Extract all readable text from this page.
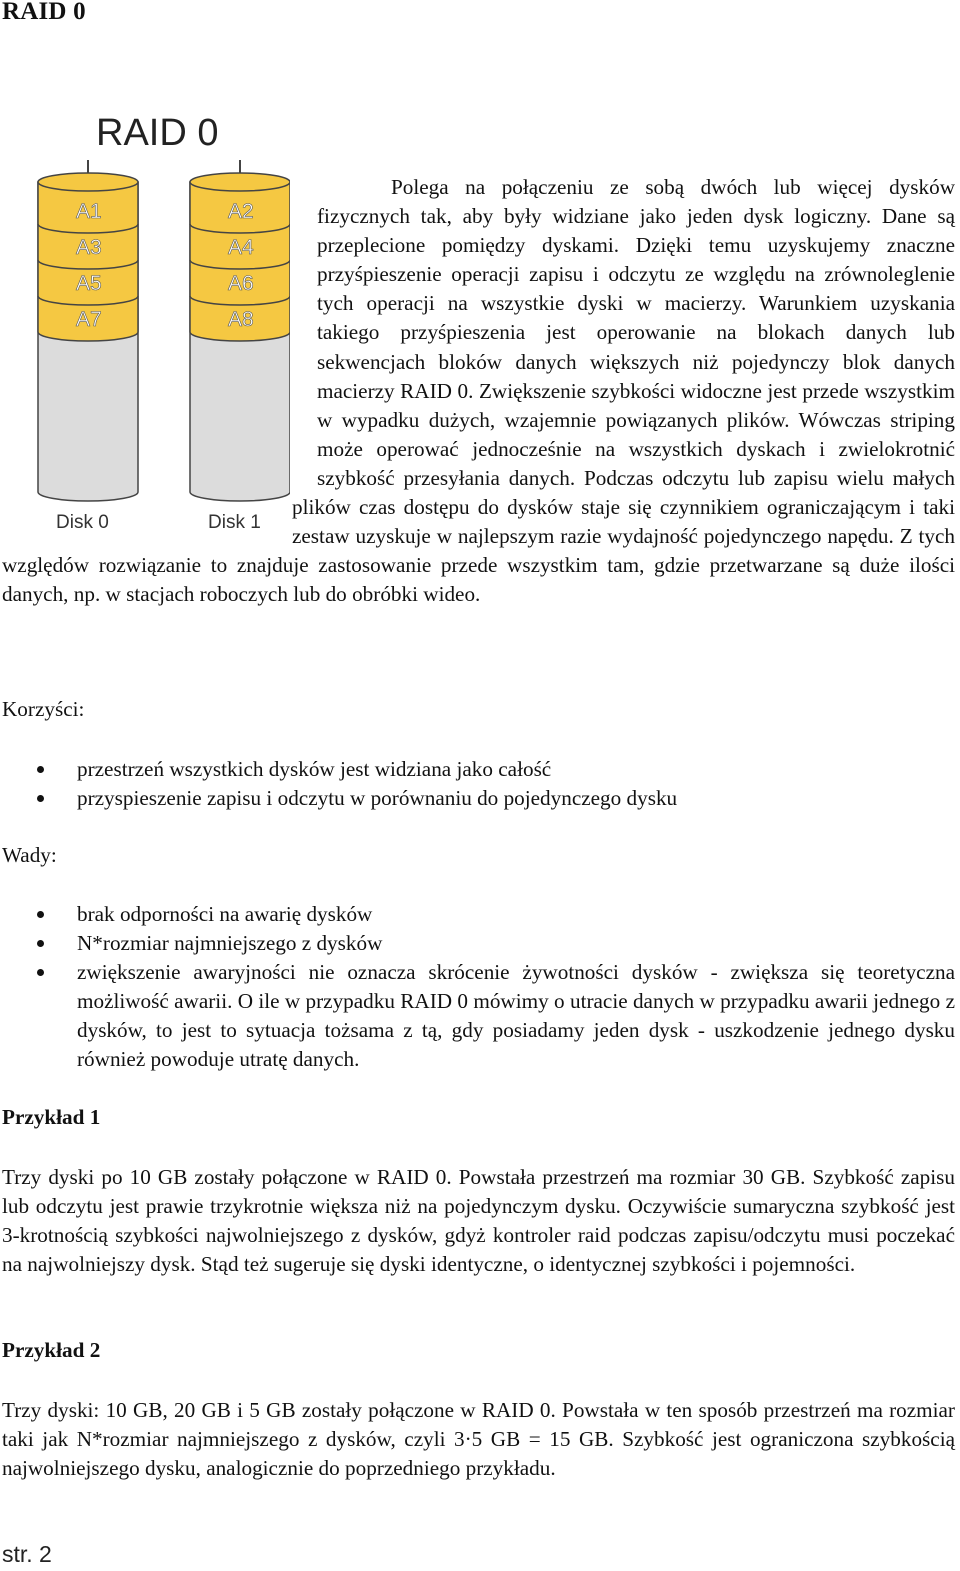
RAID 0
RAID 0
A1
A3
A5
A7
Disk 0
A2
A4
A6
A8
Disk 1
Polega na połączeniu ze sobą dwóch lub więcej dysków fizycznych tak, aby były widziane jako jeden dysk logiczny. Dane są przeplecione pomiędzy dyskami. Dzięki temu uzyskujemy znaczne przyśpieszenie operacji zapisu i odczytu ze względu na zrównoleglenie tych operacji na wszystkie dyski w macierzy. Warunkiem uzyskania takiego przyśpieszenia jest operowanie na blokach danych lub sekwencjach bloków danych większych niż pojedynczy blok danych macierzy RAID 0. Zwiększenie szybkości widoczne jest przede wszystkim w wypadku dużych, wzajemnie powiązanych plików. Wówczas striping może operować jednocześnie na wszystkich dyskach i zwielokrotnić szybkość przesyłania danych. Podczas odczytu lub zapisu wielu małych plików czas dostępu do dysków staje się czynnikiem ograniczającym i taki zestaw uzyskuje w najlepszym razie wydajność pojedynczego napędu. Z tych względów rozwiązanie to znajduje zastosowanie przede wszystkim tam, gdzie przetwarzane są duże ilości danych, np. w stacjach roboczych lub do obróbki wideo.
Korzyści:
przestrzeń wszystkich dysków jest widziana jako całość
przyspieszenie zapisu i odczytu w porównaniu do pojedynczego dysku
Wady:
brak odporności na awarię dysków
N*rozmiar najmniejszego z dysków
zwiększenie awaryjności nie oznacza skrócenie żywotności dysków - zwiększa się teoretyczna możliwość awarii. O ile w przypadku RAID 0 mówimy o utracie danych w przypadku awarii jednego z dysków, to jest to sytuacja tożsama z tą, gdy posiadamy jeden dysk - uszkodzenie jednego dysku również powoduje utratę danych.
Przykład 1
Trzy dyski po 10 GB zostały połączone w RAID 0. Powstała przestrzeń ma rozmiar 30 GB. Szybkość zapisu lub odczytu jest prawie trzykrotnie większa niż na pojedynczym dysku. Oczywiście sumaryczna szybkość jest 3-krotnością szybkości najwolniejszego z dysków, gdyż kontroler raid podczas zapisu/odczytu musi poczekać na najwolniejszy dysk. Stąd też sugeruje się dyski identyczne, o identycznej szybkości i pojemności.
Przykład 2
Trzy dyski: 10 GB, 20 GB i 5 GB zostały połączone w RAID 0. Powstała w ten sposób przestrzeń ma rozmiar taki jak N*rozmiar najmniejszego z dysków, czyli 3·5 GB = 15 GB. Szybkość jest ograniczona szybkością najwolniejszego dysku, analogicznie do poprzedniego przykładu.
str. 2
